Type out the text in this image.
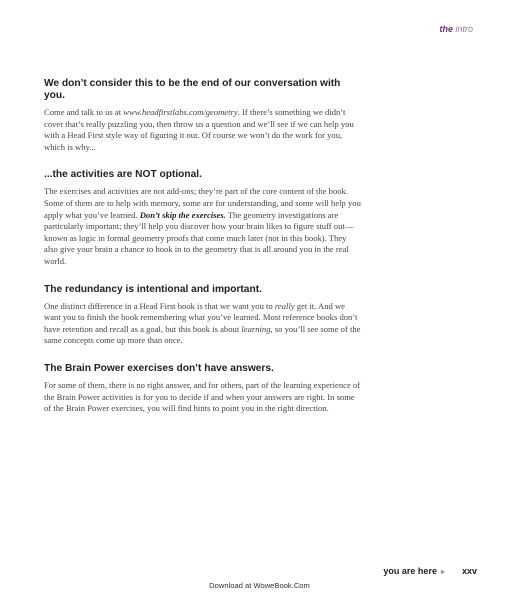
the intro
We don’t consider this to be the end of our conversation with you.

Come and talk to us at www.headfirstlabs.com/geometry. If there’s something we didn’t cover that’s really puzzling you, then throw us a question and we’ll see if we can help you with a Head First style way of figuring it out. Of course we won’t do the work for you, which is why...

...the activities are NOT optional.

The exercises and activities are not add-ons; they’re part of the core content of the book. Some of them are to help with memory, some are for understanding, and some will help you apply what you’ve learned. Don’t skip the exercises. The geometry investigations are particularly important; they’ll help you discover how your brain likes to figure stuff out—known as logic in formal geometry proofs that come much later (not in this book). They also give your brain a chance to hook in to the geometry that is all around you in the real world.

The redundancy is intentional and important.

One distinct difference in a Head First book is that we want you to really get it. And we want you to finish the book remembering what you’ve learned. Most reference books don’t have retention and recall as a goal, but this book is about learning, so you’ll see some of the same concepts come up more than once.

The Brain Power exercises don’t have answers.

For some of them, there is no right answer, and for others, part of the learning experience of the Brain Power activities is for you to decide if and when your answers are right. In some of the Brain Power exercises, you will find hints to point you in the right direction.

you are here ▸ xxv
Download at WoweBook.Com
